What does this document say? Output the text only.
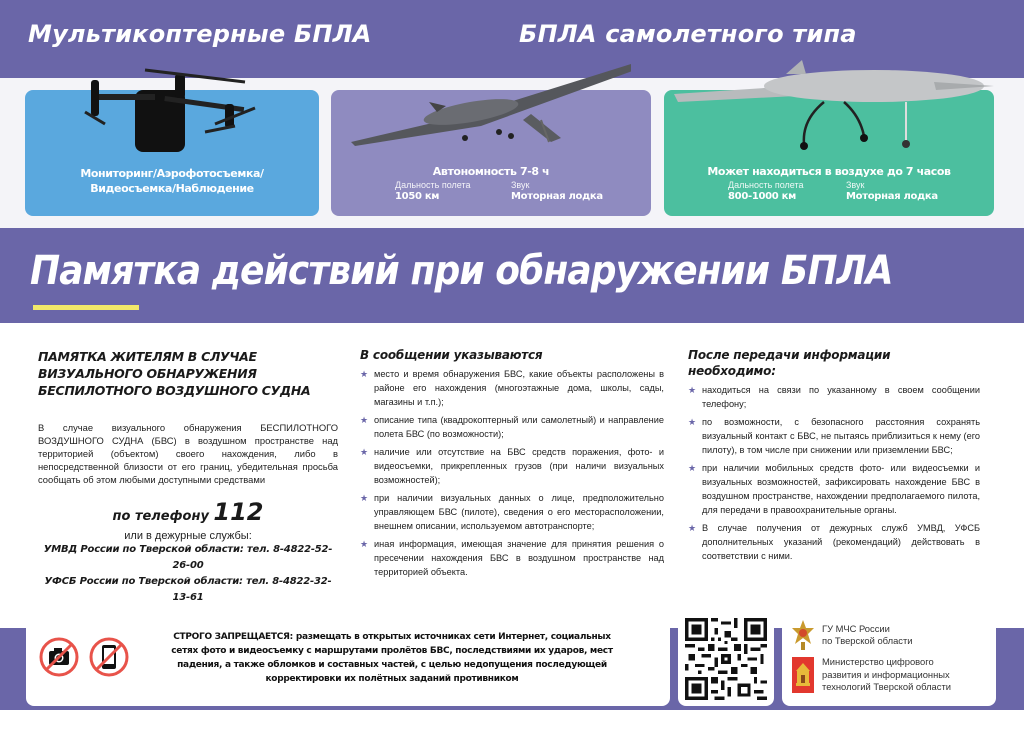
Мультикоптерные БПЛА	БПЛА самолетного типа
Мониторинг/Аэрофотосъемка/
Видеосъемка/Наблюдение
Автономность 7-8 ч
Дальность полета
1050 км
Звук
Моторная лодка
Может находиться в воздухе до 7 часов
Дальность полета
800-1000 км
Звук
Моторная лодка
Памятка действий при обнаружении БПЛА
ПАМЯТКА ЖИТЕЛЯМ В СЛУЧАЕ
ВИЗУАЛЬНОГО ОБНАРУЖЕНИЯ
БЕСПИЛОТНОГО ВОЗДУШНОГО СУДНА

В случае визуального обнаружения БЕСПИЛОТНОГО ВОЗДУШНОГО СУДНА (БВС) в воздушном пространстве над территорией (объектом) своего нахождения, либо в непосредственной близости от его границ, убедительная просьба сообщать об этом любыми доступными средствами

по телефону 112
или в дежурные службы:
УМВД России по Тверской области: тел. 8-4822-52-26-00
УФСБ России по Тверской области: тел. 8-4822-32-13-61
В сообщении указываются
★ место и время обнаружения БВС, какие объекты расположены в районе его нахождения (многоэтажные дома, школы, сады, магазины и т.п.);
★ описание типа (квадрокоптерный или самолетный) и направление полета БВС (по возможности);
★ наличие или отсутствие на БВС средств поражения, фото- и видеосъемки, прикрепленных грузов (при наличи визуальных возможностей);
★ при наличии визуальных данных о лице, предположительно управляющем БВС (пилоте), сведения о его месторасположении, внешнем описании, используемом автотранспорте;
★ иная информация, имеющая значение для принятия решения о пресечении нахождения БВС в воздушном пространстве над территорией объекта.
После передачи информации необходимо:
★ находиться на связи по указанному в своем сообщении телефону;
★ по возможности, с безопасного расстояния сохранять визуальный контакт с БВС, не пытаясь приблизиться к нему (его пилоту), в том числе при снижении или приземлении БВС;
★ при наличии мобильных средств фото- или видеосъемки и визуальных возможностей, зафиксировать нахождение БВС в воздушном пространстве, нахождении предполагаемого пилота, для передачи в правоохранительные органы.
★ В случае получения от дежурных служб УМВД, УФСБ дополнительных указаний (рекомендаций) действовать в соответствии с ними.
СТРОГО ЗАПРЕЩАЕТСЯ: размещать в открытых источниках сети Интернет, социальных
сетях фото и видеосъемку с маршрутами пролётов БВС, последствиями их ударов, мест
падения, а также обломков и составных частей, с целью недопущения последующей
корректировки их полётных заданий противником
ГУ МЧС России
по Тверской области
Министерство цифрового
развития и информационных
технологий Тверской области
